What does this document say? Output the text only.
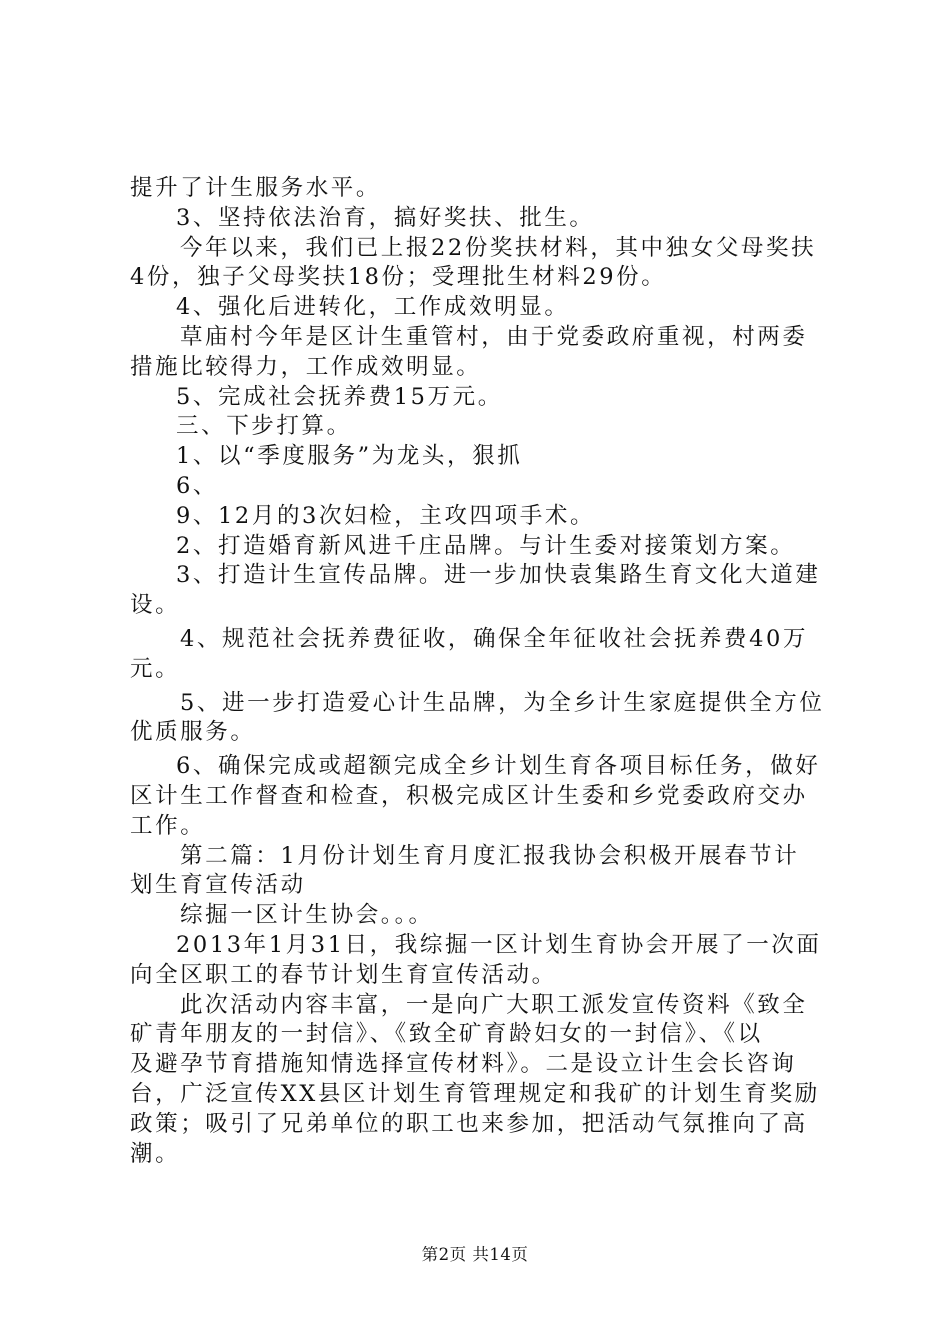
提升了计生服务水平。
3、坚持依法治育，搞好奖扶、批生。
今年以来，我们已上报22份奖扶材料，其中独女父母奖扶
4份，独子父母奖扶18份；受理批生材料29份。
4、强化后进转化，工作成效明显。
草庙村今年是区计生重管村，由于党委政府重视，村两委
措施比较得力，工作成效明显。
5、完成社会抚养费15万元。
三、下步打算。
1、以“季度服务”为龙头，狠抓
6、
9、12月的3次妇检，主攻四项手术。
2、打造婚育新风进千庄品牌。与计生委对接策划方案。
3、打造计生宣传品牌。进一步加快袁集路生育文化大道建
设。
4、规范社会抚养费征收，确保全年征收社会抚养费40万
元。
5、进一步打造爱心计生品牌，为全乡计生家庭提供全方位
优质服务。
6、确保完成或超额完成全乡计划生育各项目标任务，做好
区计生工作督查和检查，积极完成区计生委和乡党委政府交办
工作。
第二篇：1月份计划生育月度汇报我协会积极开展春节计
划生育宣传活动
综掘一区计生协会。。。
2013年1月31日，我综掘一区计划生育协会开展了一次面
向全区职工的春节计划生育宣传活动。
此次活动内容丰富，一是向广大职工派发宣传资料《致全
矿青年朋友的一封信》、《致全矿育龄妇女的一封信》、《以
及避孕节育措施知情选择宣传材料》。二是设立计生会长咨询
台，广泛宣传XX县区计划生育管理规定和我矿的计划生育奖励
政策；吸引了兄弟单位的职工也来参加，把活动气氛推向了高
潮。
第2页 共14页
